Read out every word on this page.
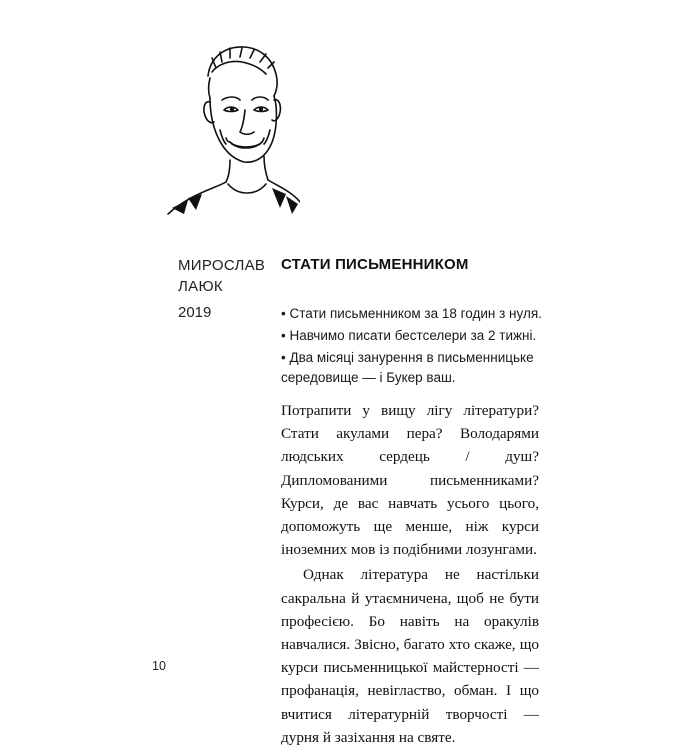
МИРОСЛАВ
ЛАЮК
2019
СТАТИ ПИСЬМЕННИКОМ
• Стати письменником за 18 годин з нуля.
• Навчимо писати бестселери за 2 тижні.
• Два місяці занурення в письменницьке середовище — і Букер ваш.

Потрапити у вищу лігу літератури? Стати акулами пера? Володарями людських сердець / душ? Дипломованими письменниками? Курси, де вас навчать усього цього, допоможуть ще менше, ніж курси іноземних мов із подібними лозунгами.

Однак література не настільки сакральна й утаємничена, щоб не бути професією. Бо навіть на оракулів навчалися. Звісно, багато хто скаже, що курси письменницької майстерності — профанація, невігластво, обман. І що вчитися літературній творчості — дурня й зазіхання на святе.

10
